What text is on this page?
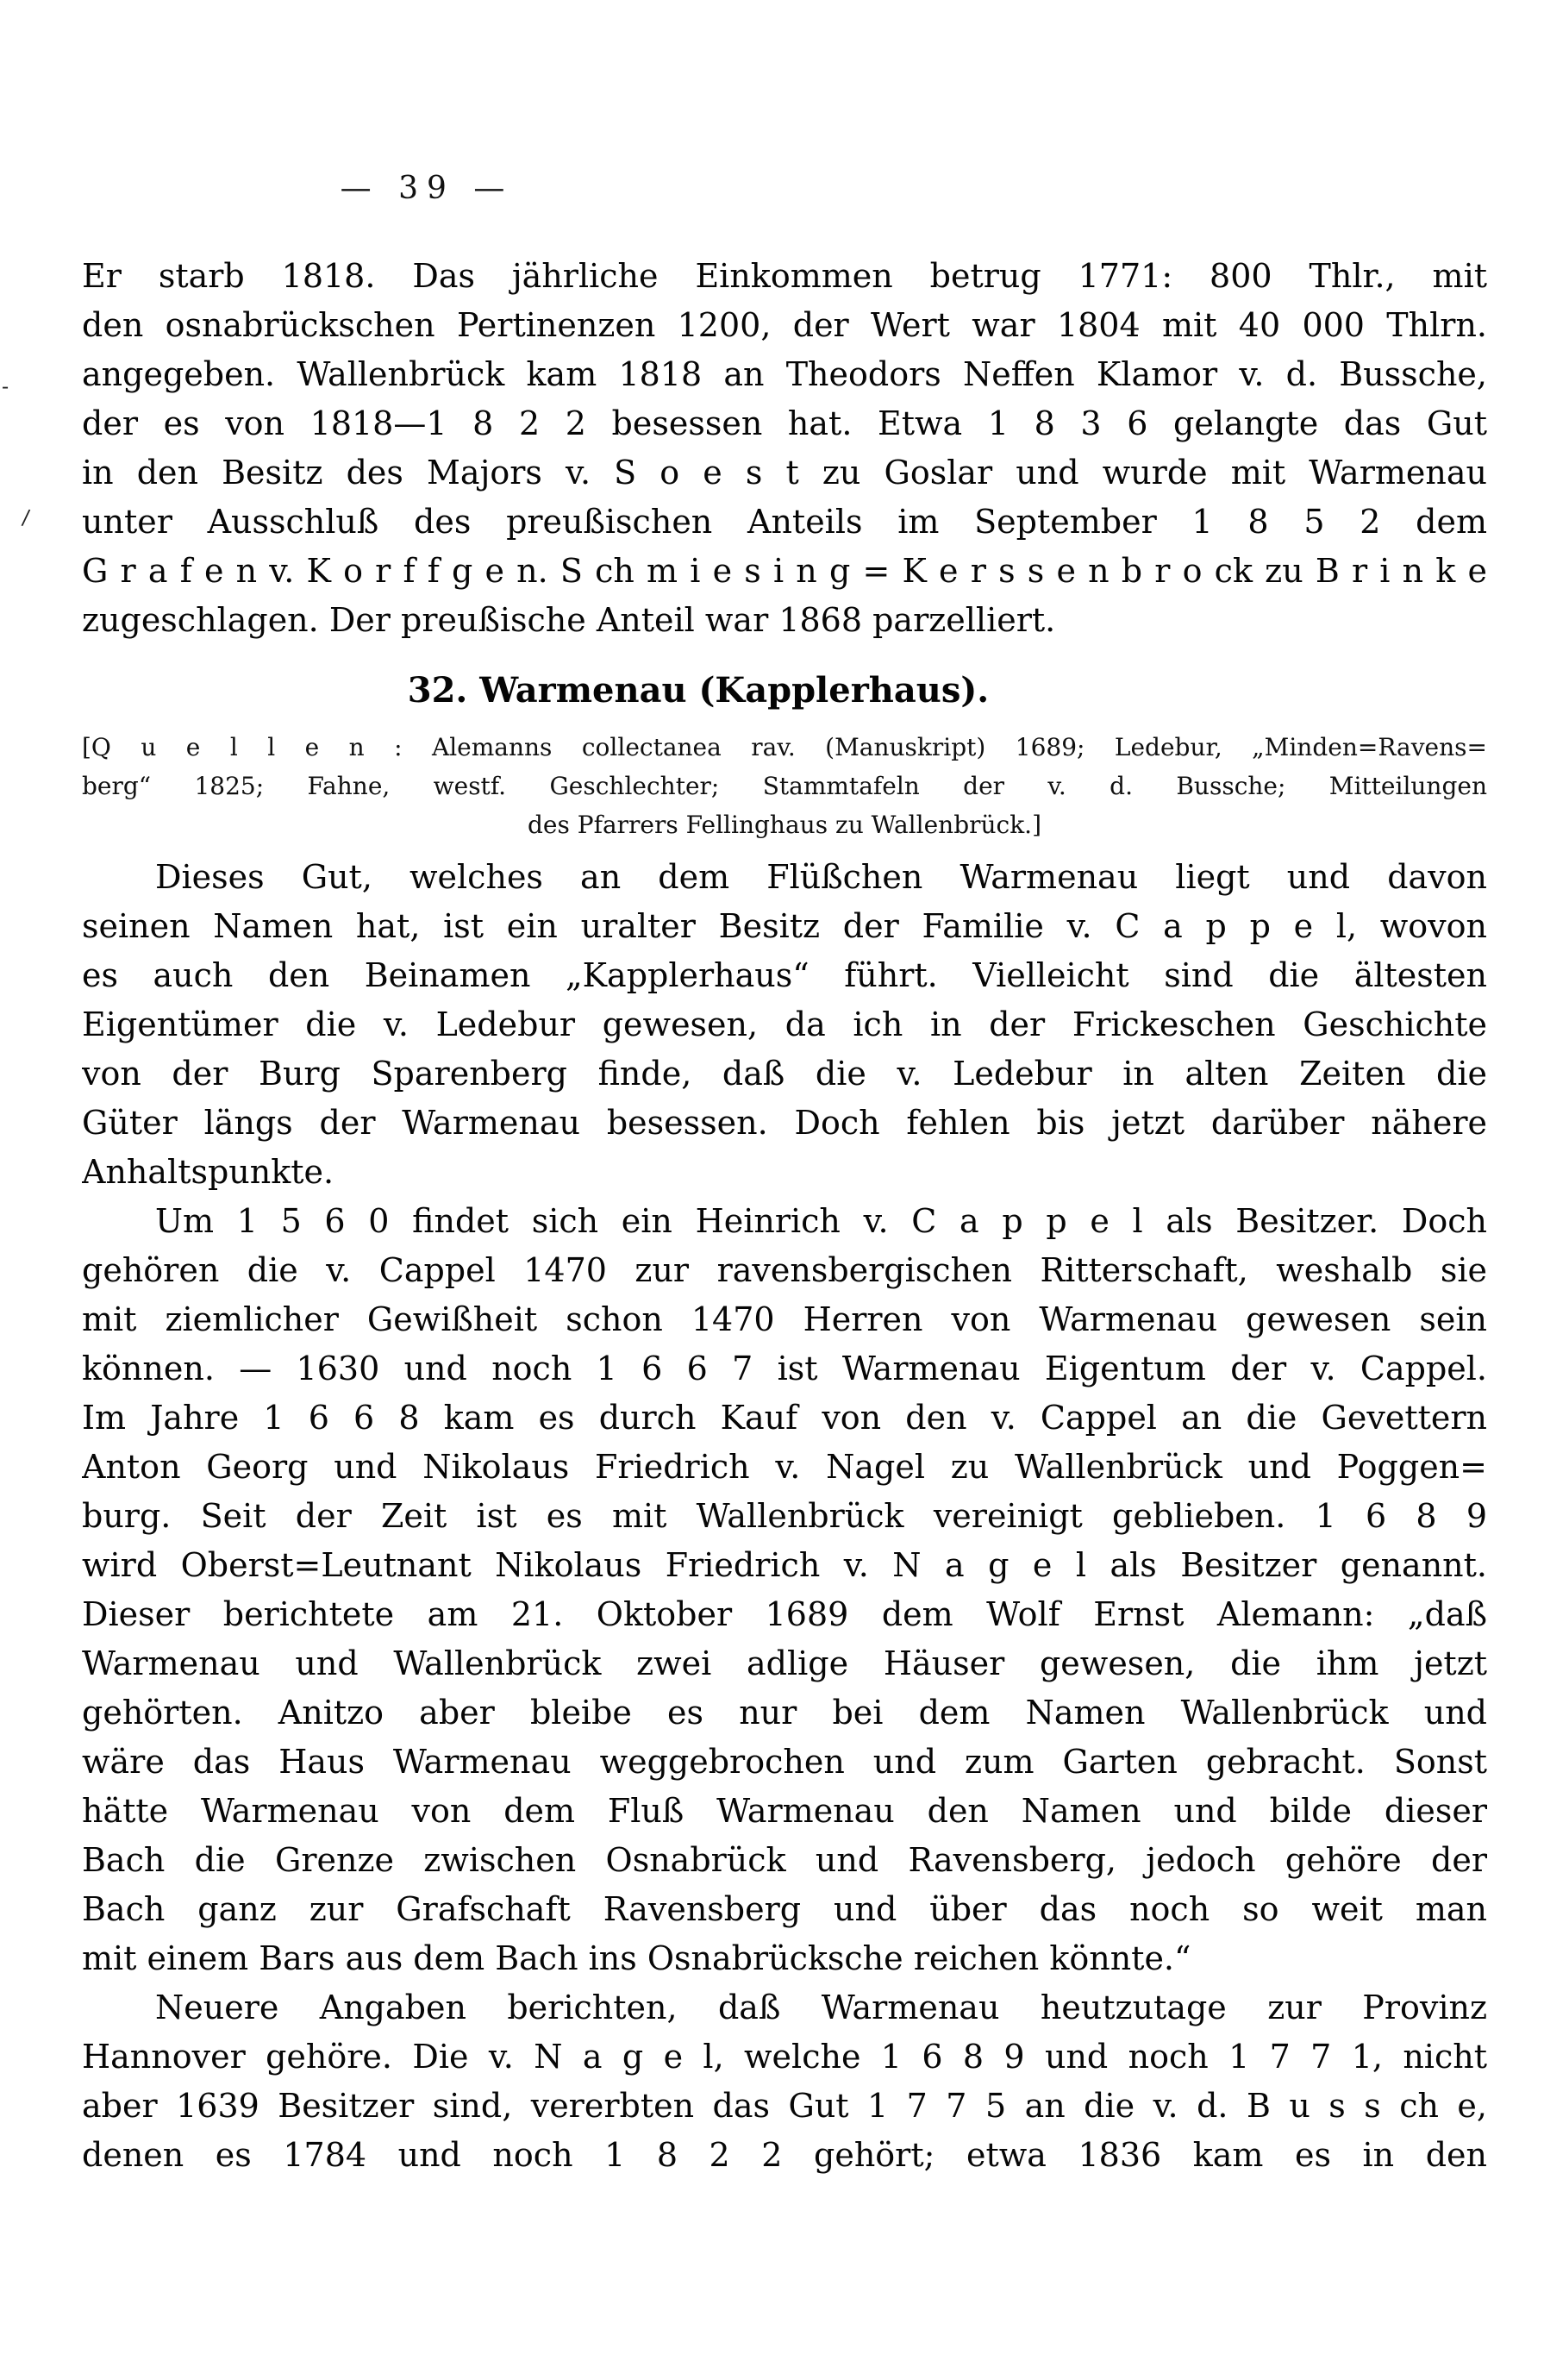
— 39 —
-
/
Er starb 1818. Das jährliche Einkommen betrug 1771: 800 Thlr., mit
den osnabrückschen Pertinenzen 1200, der Wert war 1804 mit 40 000 Thlrn.
angegeben. Wallenbrück kam 1818 an Theodors Neffen Klamor v. d. Bussche,
der es von 1818—1 8 2 2 besessen hat. Etwa 1 8 3 6 gelangte das Gut
in den Besitz des Majors v. S o e s t zu Goslar und wurde mit Warmenau
unter Ausschluß des preußischen Anteils im September 1 8 5 2 dem
G r a f e n v. K o r f f g e n. S ch m i e s i n g = K e r s s e n b r o ck zu B r i n k e
zugeschlagen. Der preußische Anteil war 1868 parzelliert.
32. Warmenau (Kapplerhaus).
[Q u e l l e n : Alemanns collectanea rav. (Manuskript) 1689; Ledebur, „Minden=Ravens=
berg“ 1825; Fahne, westf. Geschlechter; Stammtafeln der v. d. Bussche; Mitteilungen
des Pfarrers Fellinghaus zu Wallenbrück.]
Dieses Gut, welches an dem Flüßchen Warmenau liegt und davon
seinen Namen hat, ist ein uralter Besitz der Familie v. C a p p e l, wovon
es auch den Beinamen „Kapplerhaus“ führt. Vielleicht sind die ältesten
Eigentümer die v. Ledebur gewesen, da ich in der Frickeschen Geschichte
von der Burg Sparenberg finde, daß die v. Ledebur in alten Zeiten die
Güter längs der Warmenau besessen. Doch fehlen bis jetzt darüber nähere
Anhaltspunkte.
Um 1 5 6 0 findet sich ein Heinrich v. C a p p e l als Besitzer. Doch
gehören die v. Cappel 1470 zur ravensbergischen Ritterschaft, weshalb sie
mit ziemlicher Gewißheit schon 1470 Herren von Warmenau gewesen sein
können. — 1630 und noch 1 6 6 7 ist Warmenau Eigentum der v. Cappel.
Im Jahre 1 6 6 8 kam es durch Kauf von den v. Cappel an die Gevettern
Anton Georg und Nikolaus Friedrich v. Nagel zu Wallenbrück und Poggen=
burg. Seit der Zeit ist es mit Wallenbrück vereinigt geblieben. 1 6 8 9
wird Oberst=Leutnant Nikolaus Friedrich v. N a g e l als Besitzer genannt.
Dieser berichtete am 21. Oktober 1689 dem Wolf Ernst Alemann: „daß
Warmenau und Wallenbrück zwei adlige Häuser gewesen, die ihm jetzt
gehörten. Anitzo aber bleibe es nur bei dem Namen Wallenbrück und
wäre das Haus Warmenau weggebrochen und zum Garten gebracht. Sonst
hätte Warmenau von dem Fluß Warmenau den Namen und bilde dieser
Bach die Grenze zwischen Osnabrück und Ravensberg, jedoch gehöre der
Bach ganz zur Grafschaft Ravensberg und über das noch so weit man
mit einem Bars aus dem Bach ins Osnabrücksche reichen könnte.“
Neuere Angaben berichten, daß Warmenau heutzutage zur Provinz
Hannover gehöre. Die v. N a g e l, welche 1 6 8 9 und noch 1 7 7 1, nicht
aber 1639 Besitzer sind, vererbten das Gut 1 7 7 5 an die v. d. B u s s ch e,
denen es 1784 und noch 1 8 2 2 gehört; etwa 1836 kam es in den
